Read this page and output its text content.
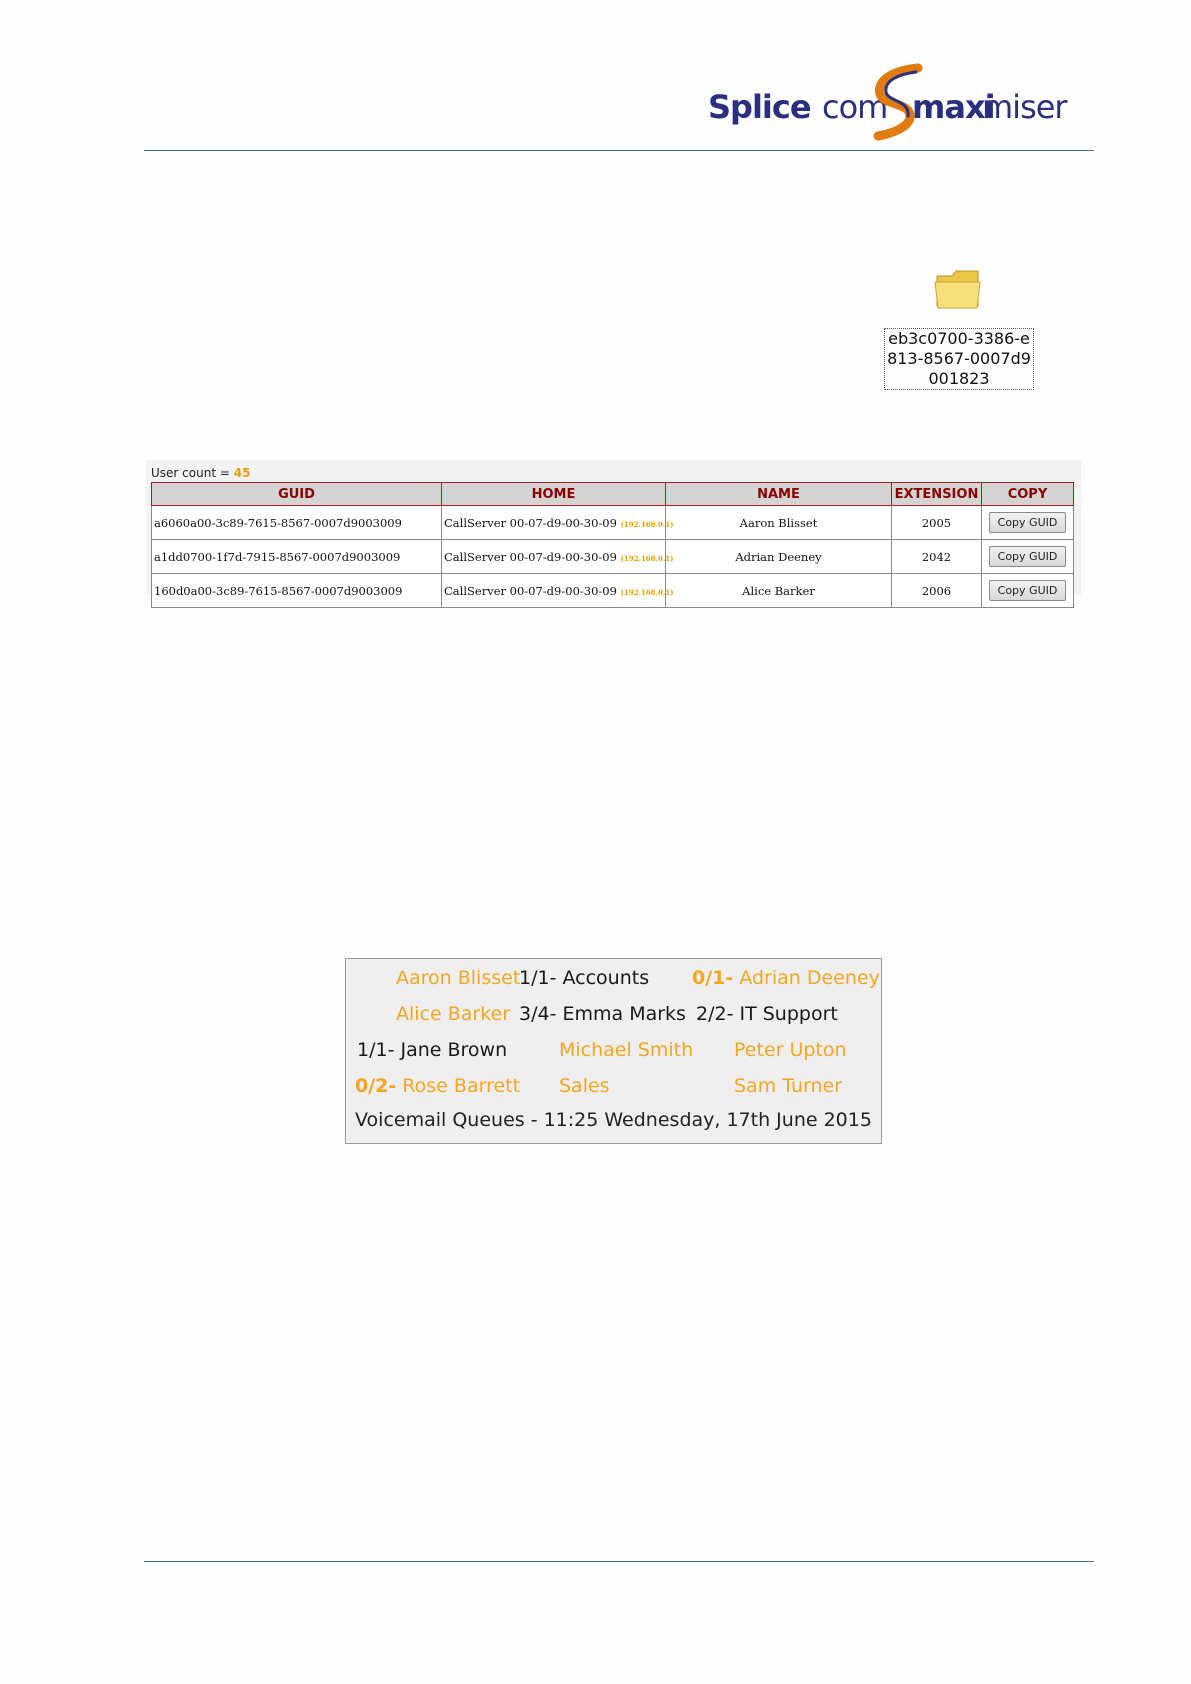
Splice com maxi
miser
eb3c0700-3386-e813-8567-0007d9001823
User count = 45
GUID	HOME	NAME	EXTENSION	COPY
a6060a00-3c89-7615-8567-0007d9003009	CallServer 00-07-d9-00-30-09 (192.168.0.1)	Aaron Blisset	2005	Copy GUID
a1dd0700-1f7d-7915-8567-0007d9003009	CallServer 00-07-d9-00-30-09 (192.168.0.1)	Adrian Deeney	2042	Copy GUID
160d0a00-3c89-7615-8567-0007d9003009	CallServer 00-07-d9-00-30-09 (192.168.0.1)	Alice Barker	2006	Copy GUID
Aaron Blisset
1/1- Accounts 0/1- Adrian Deeney
Alice Barker 3/4- Emma Marks 2/2- IT Support
1/1- Jane Brown	Michael Smith Peter Upton
0/2- Rose Barrett Sales	Sam Turner
Voicemail Queues - 11:25 Wednesday, 17th June 2015
